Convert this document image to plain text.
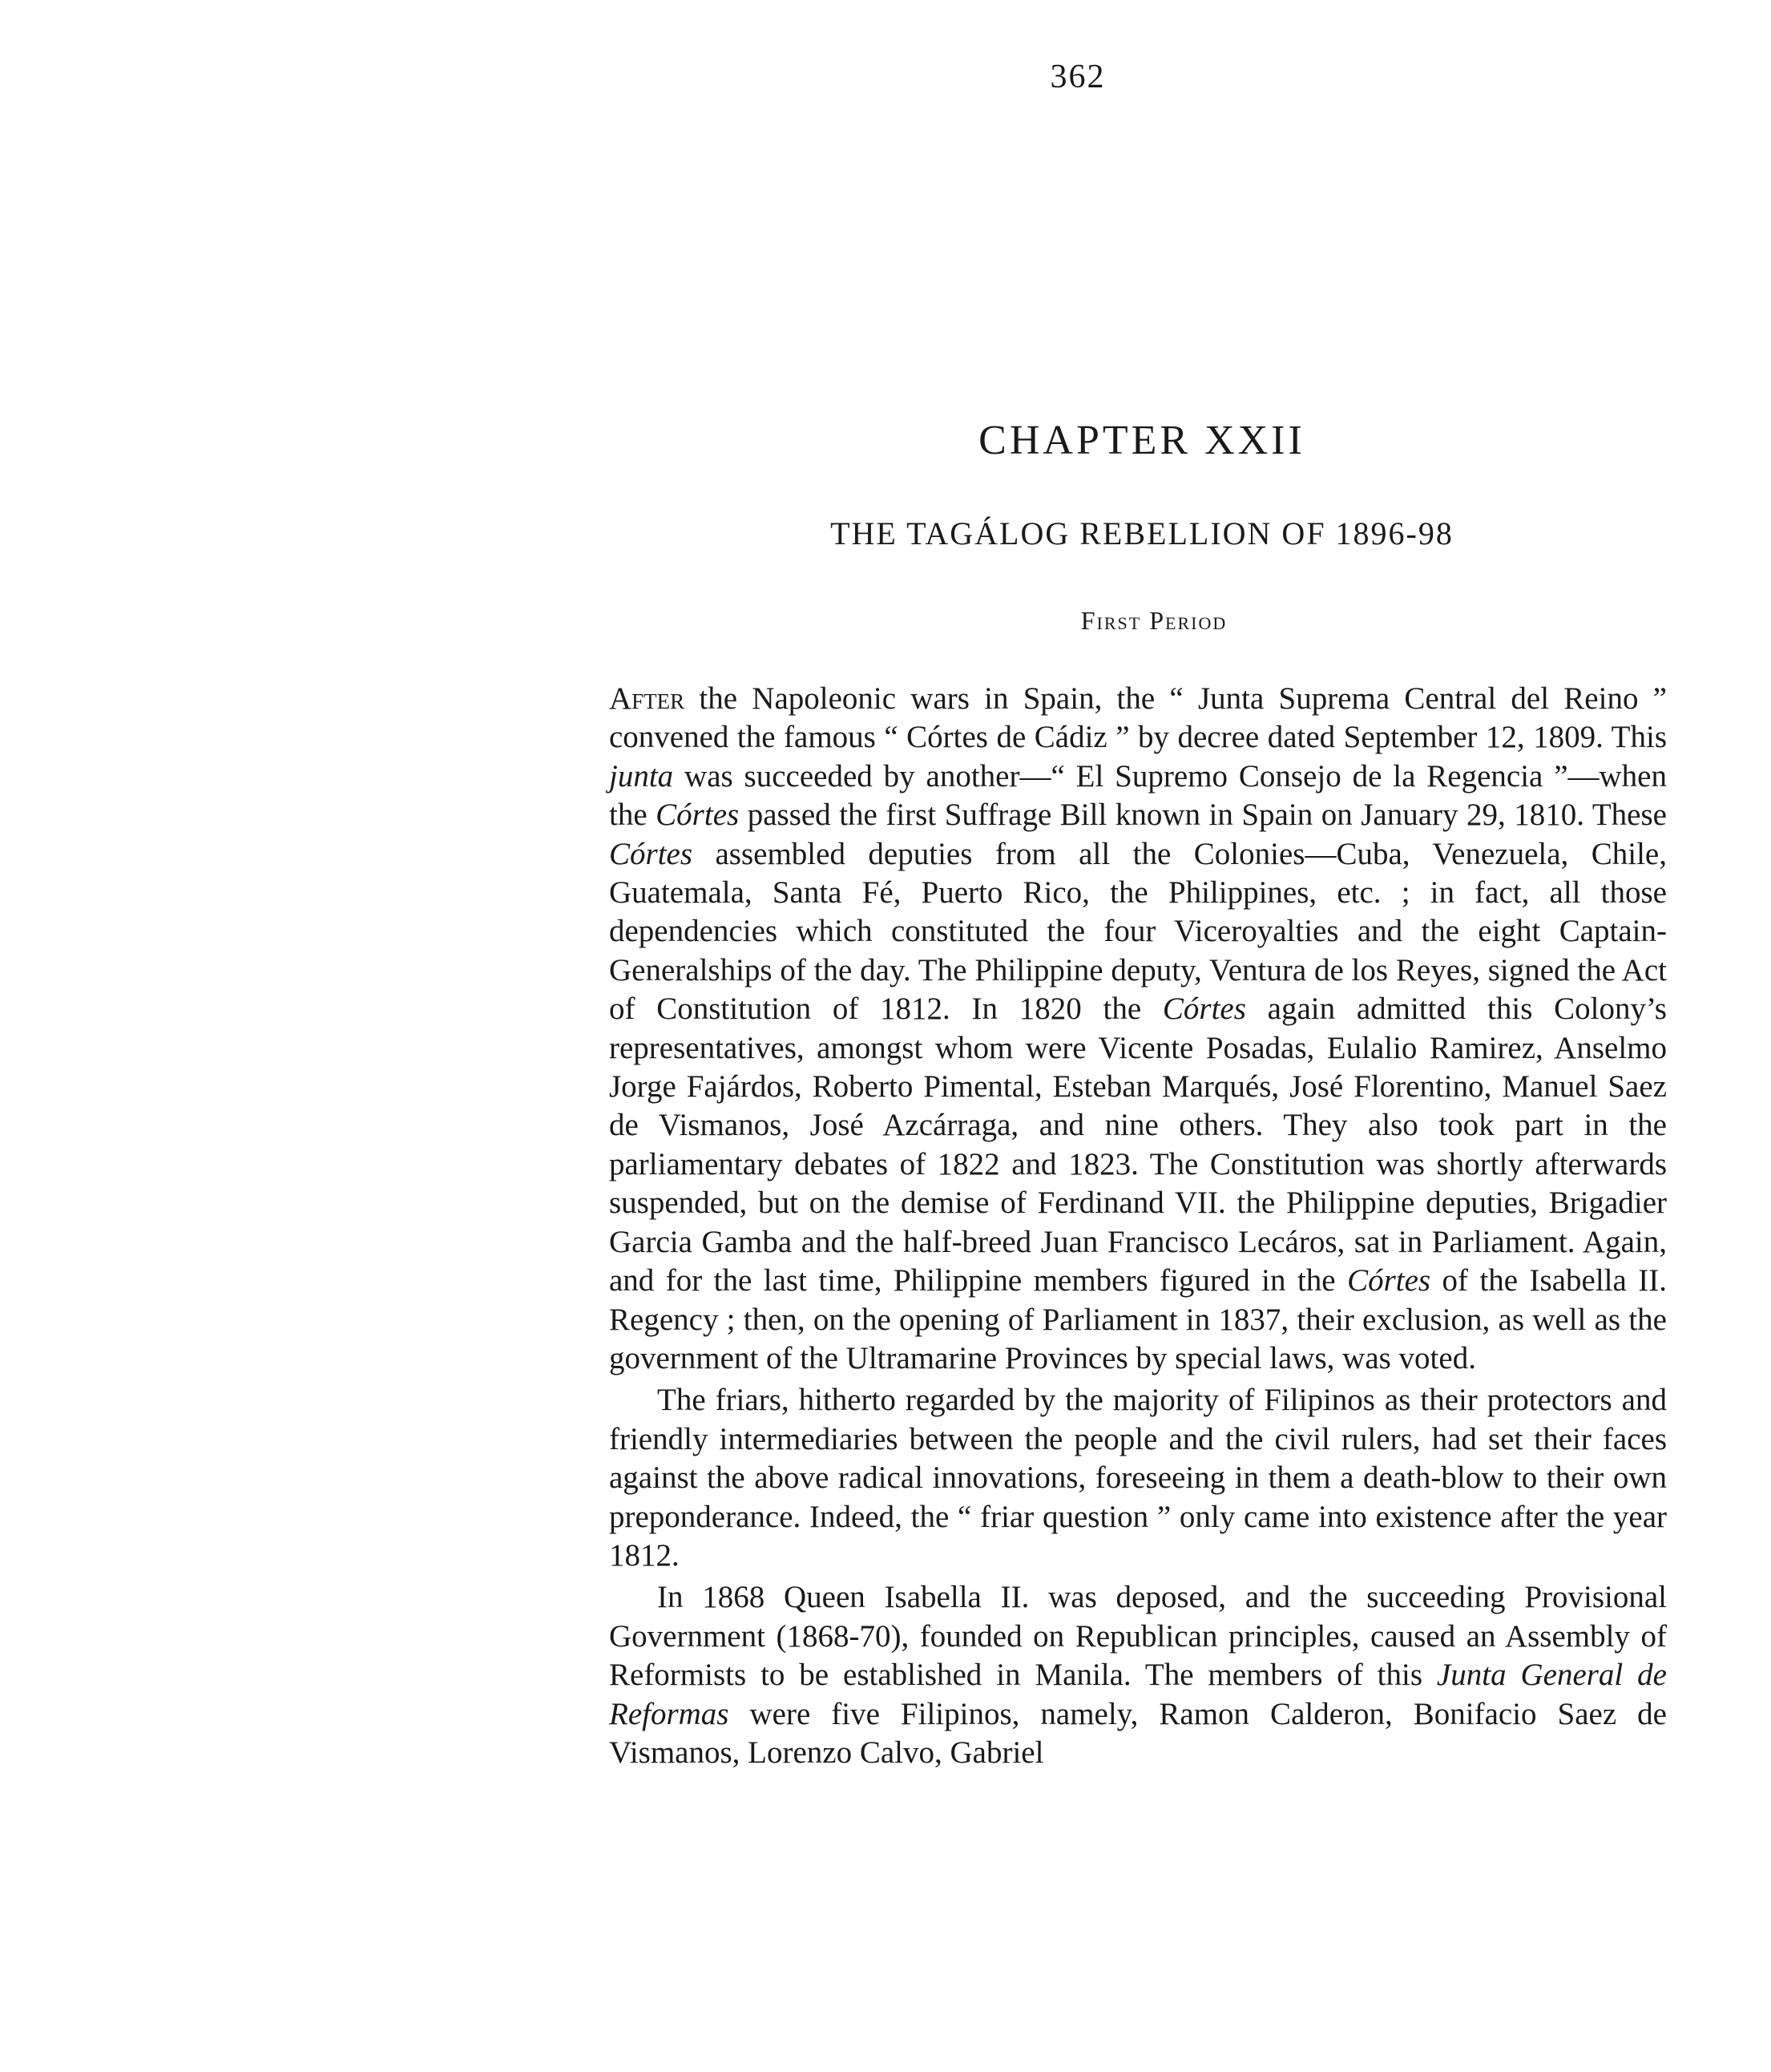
362
CHAPTER XXII
THE TAGÁLOG REBELLION OF 1896-98
First Period

After the Napoleonic wars in Spain, the “ Junta Suprema Central del Reino ” convened the famous “ Córtes de Cádiz ” by decree dated September 12, 1809. This junta was succeeded by another—“ El Supremo Consejo de la Regencia ”—when the Córtes passed the first Suffrage Bill known in Spain on January 29, 1810. These Córtes assembled deputies from all the Colonies—Cuba, Venezuela, Chile, Guatemala, Santa Fé, Puerto Rico, the Philippines, etc. ; in fact, all those dependencies which constituted the four Viceroyalties and the eight Captain-Generalships of the day. The Philippine deputy, Ventura de los Reyes, signed the Act of Constitution of 1812. In 1820 the Córtes again admitted this Colony’s representatives, amongst whom were Vicente Posadas, Eulalio Ramirez, Anselmo Jorge Fajárdos, Roberto Pimental, Esteban Marqués, José Florentino, Manuel Saez de Vismanos, José Azcárraga, and nine others. They also took part in the parliamentary debates of 1822 and 1823. The Constitution was shortly afterwards suspended, but on the demise of Ferdinand VII. the Philippine deputies, Brigadier Garcia Gamba and the half-breed Juan Francisco Lecáros, sat in Parliament. Again, and for the last time, Philippine members figured in the Córtes of the Isabella II. Regency ; then, on the opening of Parliament in 1837, their exclusion, as well as the government of the Ultramarine Provinces by special laws, was voted.

The friars, hitherto regarded by the majority of Filipinos as their protectors and friendly intermediaries between the people and the civil rulers, had set their faces against the above radical innovations, foreseeing in them a death-blow to their own preponderance. Indeed, the “ friar question ” only came into existence after the year 1812.

In 1868 Queen Isabella II. was deposed, and the succeeding Provisional Government (1868-70), founded on Republican principles, caused an Assembly of Reformists to be established in Manila. The members of this Junta General de Reformas were five Filipinos, namely, Ramon Calderon, Bonifacio Saez de Vismanos, Lorenzo Calvo, Gabriel
